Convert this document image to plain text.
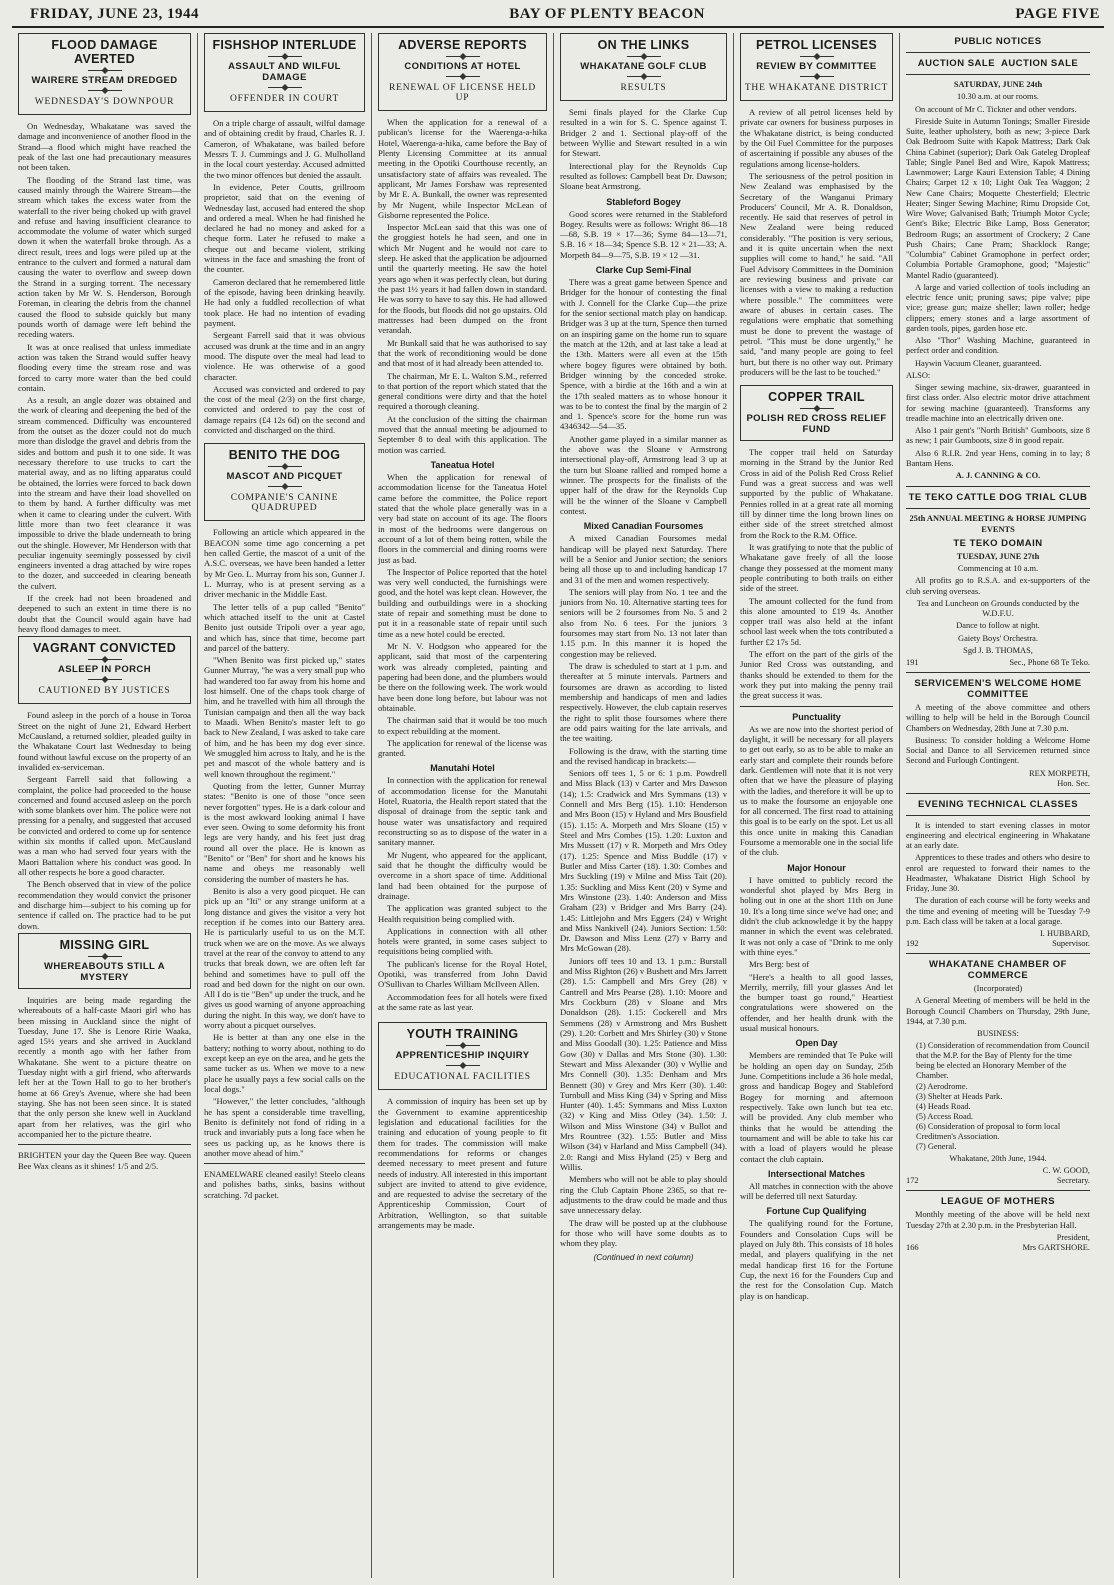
FRIDAY, JUNE 23, 1944	BAY OF PLENTY BEACON	PAGE FIVE
FLOOD DAMAGE AVERTED
WAIRERE STREAM DREDGED
WEDNESDAY'S DOWNPOUR

On Wednesday, Whakatane was saved the damage and inconvenience of another flood in the Strand—a flood which might have reached the peak of the last one had precautionary measures not been taken.

The flooding of the Strand last time, was caused mainly through the Wairere Stream—the stream which takes the excess water from the waterfall to the river being choked up with gravel and refuse and having insufficient clearance to accommodate the volume of water which surged down it when the waterfall broke through. As a direct result, trees and logs were piled up at the entrance to the culvert and formed a natural dam causing the water to overflow and sweep down the Strand in a surging torrent. The necessary action taken by Mr W. S. Henderson, Borough Foreman, in clearing the debris from the channel caused the flood to subside quickly but many pounds worth of damage were left behind the receding waters.

It was at once realised that unless immediate action was taken the Strand would suffer heavy flooding every time the stream rose and was forced to carry more water than the bed could contain.

As a result, an angle dozer was obtained and the work of clearing and deepening the bed of the stream commenced. Difficulty was encountered from the outset as the dozer could not do much more than dislodge the gravel and debris from the sides and bottom and push it to one side. It was necessary therefore to use trucks to cart the material away, and as no lifting apparatus could be obtained, the lorries were forced to back down into the stream and have their load shovelled on to them by hand. A further difficulty was met when it came to clearing under the culvert. With little more than two feet clearance it was impossible to drive the blade underneath to bring out the shingle. However, Mr Henderson with that peculiar ingenuity seemingly possessed by civil engineers invented a drag attached by wire ropes to the dozer, and succeeded in clearing beneath the culvert.

If the creek had not been broadened and deepened to such an extent in time there is no doubt that the Council would again have had heavy flood damages to meet.

VAGRANT CONVICTED
ASLEEP IN PORCH
CAUTIONED BY JUSTICES

Found asleep in the porch of a house in Toroa Street on the night of June 21, Edward Herbert McCausland, a returned soldier, pleaded guilty in the Whakatane Court last Wednesday to being found without lawful excuse on the property of an invalided ex-serviceman.

Sergeant Farrell said that following a complaint, the police had proceeded to the house concerned and found accused asleep on the porch with some blankets over him. The police were not pressing for a penalty, and suggested that accused be convicted and ordered to come up for sentence within six months if called upon. McCausland was a man who had served four years with the Maori Battalion where his conduct was good. In all other respects he bore a good character.

The Bench observed that in view of the police recommendation they would convict the prisoner and discharge him—subject to his coming up for sentence if called on. The practice had to be put down.

MISSING GIRL
WHEREABOUTS STILL A MYSTERY

Inquiries are being made regarding the whereabouts of a half-caste Maori girl who has been missing in Auckland since the night of Tuesday, June 17. She is Lenore Ririe Waaka, aged 15½ years and she arrived in Auckland recently a month ago with her father from Whakatane. She went to a picture theatre on Tuesday night with a girl friend, who afterwards left her at the Town Hall to go to her brother's home at 66 Grey's Avenue, where she had been staying. She has not been seen since. It is stated that the only person she knew well in Auckland apart from her relatives, was the girl who accompanied her to the picture theatre.

BRIGHTEN your day the Queen Bee way. Queen Bee Wax cleans as it shines! 1/5 and 2/5.

FISHSHOP INTERLUDE
ASSAULT AND WILFUL DAMAGE
OFFENDER IN COURT

On a triple charge of assault, wilful damage and of obtaining credit by fraud, Charles R. J. Cameron, of Whakatane, was bailed before Messrs T. J. Cummings and J. G. Mulholland in the local court yesterday. Accused admitted the two minor offences but denied the assault.

In evidence, Peter Coutts, grillroom proprietor, said that on the evening of Wednesday last, accused had entered the shop and ordered a meal. When he had finished he declared he had no money and asked for a cheque form. Later he refused to make a cheque out and became violent, striking witness in the face and smashing the front of the counter.

Cameron declared that he remembered little of the episode, having been drinking heavily. He had only a fuddled recollection of what took place. He had no intention of evading payment.

Sergeant Farrell said that it was obvious accused was drunk at the time and in an angry mood. The dispute over the meal had lead to violence. He was otherwise of a good character.

Accused was convicted and ordered to pay the cost of the meal (2/3) on the first charge, convicted and ordered to pay the cost of damage repairs (£4 12s 6d) on the second and convicted and discharged on the third.

BENITO THE DOG
MASCOT AND PICQUET
COMPANIE'S CANINE QUADRUPED

Following an article which appeared in the BEACON some time ago concerning a pet hen called Gertie, the mascot of a unit of the A.S.C. overseas, we have been handed a letter by Mr Geo. L. Murray from his son, Gunner J. L. Murray, who is at present serving as a driver mechanic in the Middle East.

The letter tells of a pup called "Benito" which attached itself to the unit at Castel Benito just outside Tripoli over a year ago, and which has, since that time, become part and parcel of the battery.

"When Benito was first picked up," states Gunner Murray, "he was a very small pup who had wandered too far away from his home and lost himself. One of the chaps took charge of him, and he travelled with him all through the Tunisian campaign and then all the way back to Maadi. When Benito's master left to go back to New Zealand, I was asked to take care of him, and he has been my dog ever since. We smuggled him across to Italy, and he is the pet and mascot of the whole battery and is well known throughout the regiment."

Quoting from the letter, Gunner Murray states: "Benito is one of those "once seen never forgotten" types. He is a dark colour and is the most awkward looking animal I have ever seen. Owing to some deformity his front legs are very handy, and his feet just drag round all over the place. He is known as "Benito" or "Ben" for short and he knows his name and obeys me reasonably well considering the number of masters he has.

Benito is also a very good picquet. He can pick up an "Iti" or any strange uniform at a long distance and gives the visitor a very hot reception if he comes into our Battery area. He is particularly useful to us on the M.T. truck when we are on the move. As we always travel at the rear of the convoy to attend to any trucks that break down, we are often left far behind and sometimes have to pull off the road and bed down for the night on our own. All I do is tie "Ben" up under the truck, and he gives us good warning of anyone approaching during the night. In this way, we don't have to worry about a picquet ourselves.

He is better at than any one else in the battery; nothing to worry about, nothing to do except keep an eye on the area, and he gets the same tucker as us. When we move to a new place he usually pays a few social calls on the local dogs."

"However," the letter concludes, "although he has spent a considerable time travelling, Benito is definitely not fond of riding in a truck and invariably puts a long face when he sees us packing up, as he knows there is another move ahead of him."

ENAMELWARE cleaned easily! Steelo cleans and polishes baths, sinks, basins without scratching. 7d packet.

ADVERSE REPORTS
CONDITIONS AT HOTEL
RENEWAL OF LICENSE HELD UP

When the application for a renewal of a publican's license for the Waerenga-a-hika Hotel, Waerenga-a-hika, came before the Bay of Plenty Licensing Committee at its annual meeting in the Opotiki Courthouse recently, an unsatisfactory state of affairs was revealed. The applicant, Mr James Forshaw was represented by Mr E. A. Bunkall, the owner was represented by Mr Nugent, while Inspector McLean of Gisborne represented the Police.

Inspector McLean said that this was one of the groggiest hotels he had seen, and one in which Mr Nugent and he would not care to sleep. He asked that the application be adjourned until the quarterly meeting. He saw the hotel years ago when it was perfectly clean, but during the past 1½ years it had fallen down in standard. He was sorry to have to say this. He had allowed for the floods, but floods did not go upstairs. Old mattresses had been dumped on the front verandah.

Mr Bunkall said that he was authorised to say that the work of reconditioning would be done and that most of it had already been attended to.

The chairman, Mr E. L. Walton S.M., referred to that portion of the report which stated that the general conditions were dirty and that the hotel required a thorough cleaning.

At the conclusion of the sitting the chairman moved that the annual meeting be adjourned to September 8 to deal with this application. The motion was carried.

Taneatua Hotel

When the application for renewal of accommodation license for the Taneatua Hotel came before the committee, the Police report stated that the whole place generally was in a very bad state on account of its age. The floors in most of the bedrooms were dangerous on account of a lot of them being rotten, while the floors in the commercial and dining rooms were just as bad.

The Inspector of Police reported that the hotel was very well conducted, the furnishings were good, and the hotel was kept clean. However, the building and outbuildings were in a shocking state of repair and something must be done to put it in a reasonable state of repair until such time as a new hotel could be erected.

Mr N. V. Hodgson who appeared for the applicant, said that most of the carpentering work was already completed, painting and papering had been done, and the plumbers would be there on the following week. The work would have been done long before, but labour was not obtainable.

The chairman said that it would be too much to expect rebuilding at the moment.

The application for renewal of the license was granted.

Manutahi Hotel

In connection with the application for renewal of accommodation license for the Manutahi Hotel, Ruatoria, the Health report stated that the disposal of drainage from the septic tank and house water was unsatisfactory and required reconstructing so as to dispose of the water in a sanitary manner.

Mr Nugent, who appeared for the applicant, said that he thought the difficulty would be overcome in a short space of time. Additional land had been obtained for the purpose of drainage.

The application was granted subject to the Health requisition being complied with.

Applications in connection with all other hotels were granted, in some cases subject to requisitions being complied with.

The publican's license for the Royal Hotel, Opotiki, was transferred from John David O'Sullivan to Charles William McIlveen Allen.

Accommodation fees for all hotels were fixed at the same rate as last year.

YOUTH TRAINING
APPRENTICESHIP INQUIRY
EDUCATIONAL FACILITIES

A commission of inquiry has been set up by the Government to examine apprenticeship legislation and educational facilities for the training and education of young people to fit them for trades. The commission will make recommendations for reforms or changes deemed necessary to meet present and future needs of industry. All interested in this important subject are invited to attend to give evidence, and are requested to advise the secretary of the Apprenticeship Commission, Court of Arbitration, Wellington, so that suitable arrangements may be made.

ON THE LINKS
WHAKATANE GOLF CLUB
RESULTS

Semi finals played for the Clarke Cup resulted in a win for S. C. Spence against T. Bridger 2 and 1. Sectional play-off of the between Wyllie and Stewart resulted in a win for Stewart.

Interectional play for the Reynolds Cup resulted as follows: Campbell beat Dr. Dawson; Sloane beat Armstrong.

Stableford Bogey

Good scores were returned in the Stableford Bogey. Results were as follows: Wright 86—18—68, S.B. 19 × 17—36; Syme 84—13—71, S.B. 16 × 18—34; Spence S.B. 12 × 21—33; A. Morpeth 84—9—75, S.B. 19 × 12 —31.

Clarke Cup Semi-Final

There was a great game between Spence and Bridger for the honour of contesting the final with J. Connell for the Clarke Cup—the prize for the senior sectional match play on handicap. Bridger was 3 up at the turn, Spence then turned on an inspiring game on the home run to square the match at the 12th, and at last take a lead at the 13th. Matters were all even at the 15th where bogey figures were obtained by both. Bridger winning by the conceded stroke. Spence, with a birdie at the 16th and a win at the 17th sealed matters as to whose honour it was to be to contest the final by the margin of 2 and 1. Spence's score for the home run was 4346342—54—35.

Another game played in a similar manner as the above was the Sloane v Armstrong intersectional play-off, Armstrong lead 3 up at the turn but Sloane rallied and romped home a winner. The prospects for the finalists of the upper half of the draw for the Reynolds Cup will be the winner of the Sloane v Campbell contest.

Mixed Canadian Foursomes

A mixed Canadian Foursomes medal handicap will be played next Saturday. There will be a Senior and Junior section; the seniors being all those up to and including handicap 17 and 31 of the men and women respectively.

The seniors will play from No. 1 tee and the juniors from No. 10. Alternative starting tees for seniors will be 2 foursomes from No. 5 and 2 also from No. 6 tees. For the juniors 3 foursomes may start from No. 13 not later than 1.15 p.m. In this manner it is hoped the congestion may be relieved.

The draw is scheduled to start at 1 p.m. and thereafter at 5 minute intervals. Partners and foursomes are drawn as according to listed membership and handicaps of men and ladies respectively. However, the club captain reserves the right to split those foursomes where there are odd pairs waiting for the late arrivals, and the tee waiting.

Following is the draw, with the starting time and the revised handicap in brackets:—

Seniors off tees 1, 5 or 6: 1 p.m. Powdrell and Miss Black (13) v Carter and Mrs Dawson (14); 1.5: Cradwick and Mrs Symmans (13) v Connell and Mrs Berg (15). 1.10: Henderson and Mrs Boon (15) v Hyland and Mrs Bousfield (15). 1.15: A. Morpeth and Mrs Sloane (15) v Steel and Mrs Combes (15). 1.20: Luxton and Mrs Mussett (17) v R. Morpeth and Mrs Otley (17). 1.25: Spence and Miss Buddle (17) v Butler and Miss Carter (18). 1.30: Combes and Mrs Suckling (19) v Milne and Miss Tait (20). 1.35: Suckling and Miss Kent (20) v Syme and Mrs Winstone (23). 1.40: Anderson and Miss Graham (23) v Bridger and Mrs Barry (24). 1.45: Littlejohn and Mrs Eggers (24) v Wright and Miss Nankivell (24). Juniors Section: 1.50: Dr. Dawson and Miss Lenz (27) v Barry and Mrs McGowan (28).

Juniors off tees 10 and 13. 1 p.m.: Burstall and Miss Righton (26) v Bushett and Mrs Jarrett (28). 1.5: Campbell and Mrs Grey (28) v Cantrell and Mrs Pearse (28). 1.10: Moore and Mrs Cockburn (28) v Sloane and Mrs Donaldson (28). 1.15: Cockerell and Mrs Semmens (28) v Armstrong and Mrs Bushett (29). 1.20: Corbett and Mrs Shirley (30) v Stone and Miss Goodall (30). 1.25: Patience and Miss Gow (30) v Dallas and Mrs Stone (30). 1.30: Stewart and Miss Alexander (30) v Wyllie and Mrs Connell (30). 1.35: Denham and Mrs Bennett (30) v Grey and Mrs Kerr (30). 1.40: Turnbull and Miss King (34) v Spring and Miss Hunter (40). 1.45: Symmans and Miss Luxton (32) v King and Miss Otley (34). 1.50: J. Wilson and Miss Winstone (34) v Bullot and Mrs Rountree (32). 1.55: Butler and Miss Wilson (34) v Harland and Miss Campbell (34). 2.0: Rangi and Miss Hyland (25) v Berg and Willis.

Members who will not be able to play should ring the Club Captain Phone 2365, so that re-adjustments to the draw could be made and thus save unnecessary delay.

The draw will be posted up at the clubhouse for those who will have some doubts as to whom they play.

(Continued in next column)
PETROL LICENSES
REVIEW BY COMMITTEE
THE WHAKATANE DISTRICT

A review of all petrol licenses held by private car owners for business purposes in the Whakatane district, is being conducted by the Oil Fuel Committee for the purposes of ascertaining if possible any abuses of the regulations among license-holders.

The seriousness of the petrol position in New Zealand was emphasised by the Secretary of the Wanganui Primary Producers' Council, Mr A. R. Donaldson, recently. He said that reserves of petrol in New Zealand were being reduced considerably. "The position is very serious, and it is quite uncertain when the next supplies will come to hand," he said. "All Fuel Advisory Committees in the Dominion are reviewing business and private car licenses with a view to making a reduction where possible." The committees were aware of abuses in certain cases. The regulations were emphatic that something must be done to prevent the wastage of petrol. "This must be done urgently," he said, "and many people are going to feel hurt, but there is no other way out. Primary producers will be the last to be touched."

COPPER TRAIL
POLISH RED CROSS RELIEF FUND

The copper trail held on Saturday morning in the Strand by the Junior Red Cross in aid of the Polish Red Cross Relief Fund was a great success and was well supported by the public of Whakatane. Pennies rolled in at a great rate all morning till by dinner time the long brown lines on either side of the street stretched almost from the Rock to the R.M. Office.

It was gratifying to note that the public of Whakatane gave freely of all the loose change they possessed at the moment many people contributing to both trails on either side of the street.

The amount collected for the fund from this alone amounted to £19 4s. Another copper trail was also held at the infant school last week when the tots contributed a further £2 17s 5d.

The effort on the part of the girls of the Junior Red Cross was outstanding, and thanks should be extended to them for the work they put into making the penny trail the great success it was.

Punctuality

As we are now into the shortest period of daylight, it will be necessary for all players to get out early, so as to be able to make an early start and complete their rounds before dark. Gentlemen will note that it is not very often that we have the pleasure of playing with the ladies, and therefore it will be up to us to make the foursome an enjoyable one for all concerned. The first road to attaining this goal is to be early on the spot. Let us all this once unite in making this Canadian Foursome a memorable one in the social life of the club.

Major Honour

I have omitted to publicly record the wonderful shot played by Mrs Berg in holing out in one at the short 11th on June 10. It's a long time since we've had one; and didn't the club acknowledge it by the happy manner in which the event was celebrated. It was not only a case of "Drink to me only with thine eyes."

Mrs Berg: best of

"Here's a health to all good lasses, Merrily, merrily, fill your glasses And let the bumper toast go round," Heartiest congratulations were showered on the offender, and her health drunk with the usual musical honours.

Open Day

Members are reminded that Te Puke will be holding an open day on Sunday, 25th June. Competitions include a 36 hole medal, gross and handicap Bogey and Stableford Bogey for morning and afternoon respectively. Take own lunch but tea etc. will be provided. Any club member who thinks that he would be attending the tournament and will be able to take his car with a load of players would he please contact the club captain.

Intersectional Matches

All matches in connection with the above will be deferred till next Saturday.

Fortune Cup Qualifying

The qualifying round for the Fortune, Founders and Consolation Cups will be played on July 8th. This consists of 18 holes medal, and players qualifying in the net medal handicap first 16 for the Fortune Cup, the next 16 for the Founders Cup and the rest for the Consolation Cup. Match play is on handicap.

PUBLIC NOTICES
AUCTION SALE  AUCTION SALE
SATURDAY, JUNE 24th
10.30 a.m. at our rooms.
On account of Mr C. Tickner and other vendors.
Fireside Suite in Autumn Tonings; Smaller Fireside Suite, leather upholstery, both as new; 3-piece Dark Oak Bedroom Suite with Kapok Mattress; Dark Oak China Cabinet (superior); Dark Oak Gateleg Dropleaf Table; Single Panel Bed and Wire, Kapok Mattress; Lawnmower; Large Kauri Extension Table; 4 Dining Chairs; Carpet 12 x 10; Light Oak Tea Waggon; 2 New Cane Chairs; Moquette Chesterfield; Electric Heater; Singer Sewing Machine; Rimu Dropside Cot, Wire Wove; Galvanised Bath; Triumph Motor Cycle; Gent's Bike; Electric Bike Lamp, Boss Generator; Bedroom Rugs; an assortment of Crockery; 2 Cane Push Chairs; Cane Pram; Shacklock Range; "Columbia" Cabinet Gramophone in perfect order; Columbia Portable Gramophone, good; "Majestic" Mantel Radio (guaranteed).
A large and varied collection of tools including an electric fence unit; pruning saws; pipe valve; pipe vice; grease gun; maize sheller; lawn roller; hedge clippers; emery stones and a large assortment of garden tools, pipes, garden hose etc.
Also "Thor" Washing Machine, guaranteed in perfect order and condition.
Haywin Vacuum Cleaner, guaranteed.
ALSO:
Singer sewing machine, six-drawer, guaranteed in first class order. Also electric motor drive attachment for sewing machine (guaranteed). Transforms any treadle machine into an electrically driven one.
Also 1 pair gent's "North British" Gumboots, size 8 as new; 1 pair Gumboots, size 8 in good repair.
Also 6 R.I.R. 2nd year Hens, coming in to lay; 8 Bantam Hens.
A. J. CANNING & CO.
TE TEKO CATTLE DOG TRIAL CLUB
25th ANNUAL MEETING & HORSE JUMPING EVENTS
TE TEKO DOMAIN
TUESDAY, JUNE 27th
Commencing at 10 a.m.
All profits go to R.S.A. and ex-supporters of the club serving overseas.
Tea and Luncheon on Grounds conducted by the W.D.F.U.
Dance to follow at night.
Gaiety Boys' Orchestra.
Sgd J. B. THOMAS,
191	Sec., Phone 68 Te Teko.
SERVICEMEN'S WELCOME HOME COMMITTEE
A meeting of the above committee and others willing to help will be held in the Borough Council Chambers on Wednesday, 28th June at 7.30 p.m.
Business: To consider holding a Welcome Home Social and Dance to all Servicemen returned since Second and Furlough Contingent.
REX MORPETH,
Hon. Sec.
EVENING TECHNICAL CLASSES
It is intended to start evening classes in motor engineering and electrical engineering in Whakatane at an early date.
Apprentices to these trades and others who desire to enrol are requested to forward their names to the Headmaster, Whakatane District High School by Friday, June 30.
The duration of each course will be forty weeks and the time and evening of meeting will be Tuesday 7-9 p.m. Each class will be taken at a local garage.
I. HUBBARD,
192	Supervisor.
WHAKATANE CHAMBER OF COMMERCE
(Incorporated)
A General Meeting of members will be held in the Borough Council Chambers on Thursday, 29th June, 1944, at 7.30 p.m.
BUSINESS:
(1) Consideration of recommendation from Council that the M.P. for the Bay of Plenty for the time being be elected an Honorary Member of the Chamber.
(2) Aerodrome.
(3) Shelter at Heads Park.
(4) Heads Road.
(5) Access Road.
(6) Consideration of proposal to form local Creditmen's Association.
(7) General.
Whakatane, 20th June, 1944.
C. W. GOOD,
172	Secretary.
LEAGUE OF MOTHERS
Monthly meeting of the above will be held next Tuesday 27th at 2.30 p.m. in the Presbyterian Hall.
President,
166	Mrs GARTSHORE.
